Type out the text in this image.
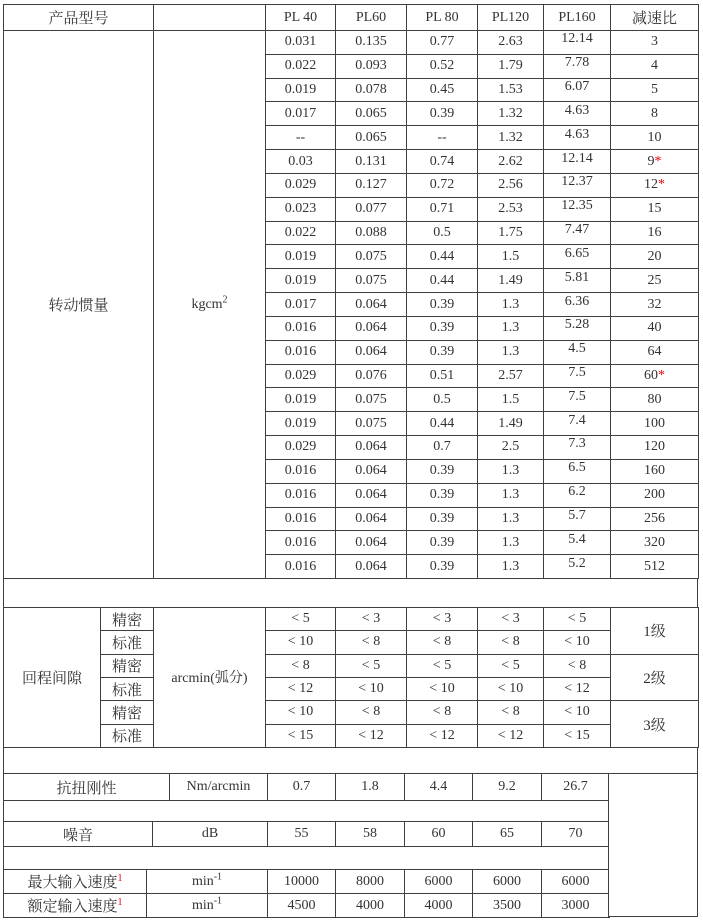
产品型号		PL 40	PL60	PL 80	PL120	PL160	减速比
转动惯量	kgcm$^2$	0.031	0.135	0.77	2.63	12.14	3
		0.022	0.093	0.52	1.79	7.78	4
		0.019	0.078	0.45	1.53	6.07	5
		0.017	0.065	0.39	1.32	4.63	8
		--	0.065	--	1.32	4.63	10
		0.03	0.131	0.74	2.62	12.14	9*
		0.029	0.127	0.72	2.56	12.37	12*
		0.023	0.077	0.71	2.53	12.35	15
		0.022	0.088	0.5	1.75	7.47	16
		0.019	0.075	0.44	1.5	6.65	20
		0.019	0.075	0.44	1.49	5.81	25
		0.017	0.064	0.39	1.3	6.36	32
		0.016	0.064	0.39	1.3	5.28	40
		0.016	0.064	0.39	1.3	4.5	64
		0.029	0.076	0.51	2.57	7.5	60*
		0.019	0.075	0.5	1.5	7.5	80
		0.019	0.075	0.44	1.49	7.4	100
		0.029	0.064	0.7	2.5	7.3	120
		0.016	0.064	0.39	1.3	6.5	160
		0.016	0.064	0.39	1.3	6.2	200
		0.016	0.064	0.39	1.3	5.7	256
		0.016	0.064	0.39	1.3	5.4	320
		0.016	0.064	0.39	1.3	5.2	512
回程间隙	精密	arcmin(弧分)	< 5	< 3	< 3	< 3	< 5	1级
	标准		< 10	< 8	< 8	< 8	< 10	
	精密		< 8	< 5	< 5	< 5	< 8	2级
	标准		< 12	< 10	< 10	< 10	< 12	
	精密		< 10	< 8	< 8	< 8	< 10	3级
	标准		< 15	< 12	< 12	< 12	< 15	
抗扭刚性	Nm/arcmin	0.7	1.8	4.4	9.2	26.7
噪音	dB	55	58	60	65	70
最大输入速度$^1$	$\min^{-1}$	10000	8000	6000	6000	6000
额定输入速度$^1$	$\min^{-1}$	4500	4000	4000	3500	3000
